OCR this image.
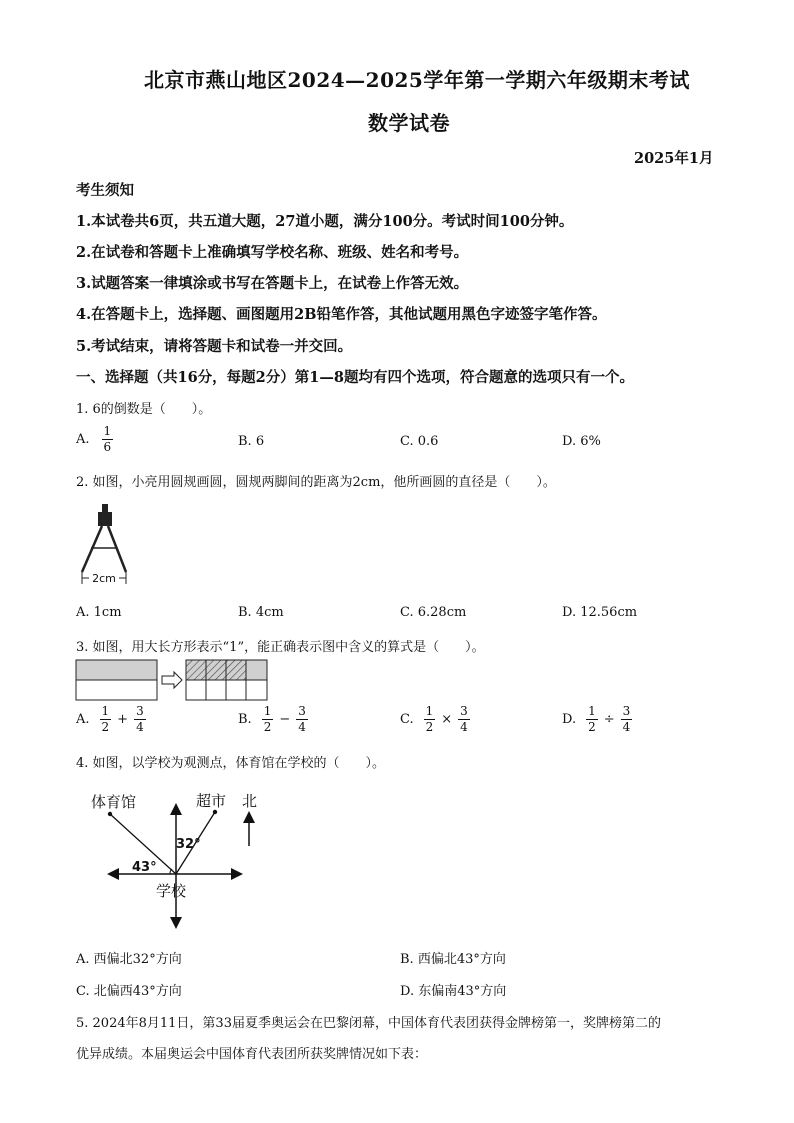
北京市燕山地区2024—2025学年第一学期六年级期末考试
数学试卷
2025年1月
考生须知
1.本试卷共6页，共五道大题，27道小题，满分100分。考试时间100分钟。
2.在试卷和答题卡上准确填写学校名称、班级、姓名和考号。
3.试题答案一律填涂或书写在答题卡上，在试卷上作答无效。
4.在答题卡上，选择题、画图题用2B铅笔作答，其他试题用黑色字迹签字笔作答。
5.考试结束，请将答题卡和试卷一并交回。
一、选择题（共16分，每题2分）第1—8题均有四个选项，符合题意的选项只有一个。
1. 6的倒数是（　　）。
A. $\frac{1}{6}$	B. 6	C. 0.6	D. 6%
2. 如图，小亮用圆规画圆，圆规两脚间的距离为2cm，他所画圆的直径是（　　）。
2cm
A. 1cm	B. 4cm	C. 6.28cm	D. 12.56cm
3. 如图，用大长方形表示“1”，能正确表示图中含义的算式是（　　）。
A. $\frac{1}{2} + \frac{3}{4}$	B. $\frac{1}{2} - \frac{3}{4}$	C. $\frac{1}{2} \times \frac{3}{4}$	D. $\frac{1}{2} \div \frac{3}{4}$
4. 如图，以学校为观测点，体育馆在学校的（　　）。
体育馆	超市 北
学校
32°
43°
A. 西偏北32°方向	B. 西偏北43°方向
C. 北偏西43°方向	D. 东偏南43°方向
5. 2024年8月11日，第33届夏季奥运会在巴黎闭幕，中国体育代表团获得金牌榜第一，奖牌榜第二的
优异成绩。本届奥运会中国体育代表团所获奖牌情况如下表：
